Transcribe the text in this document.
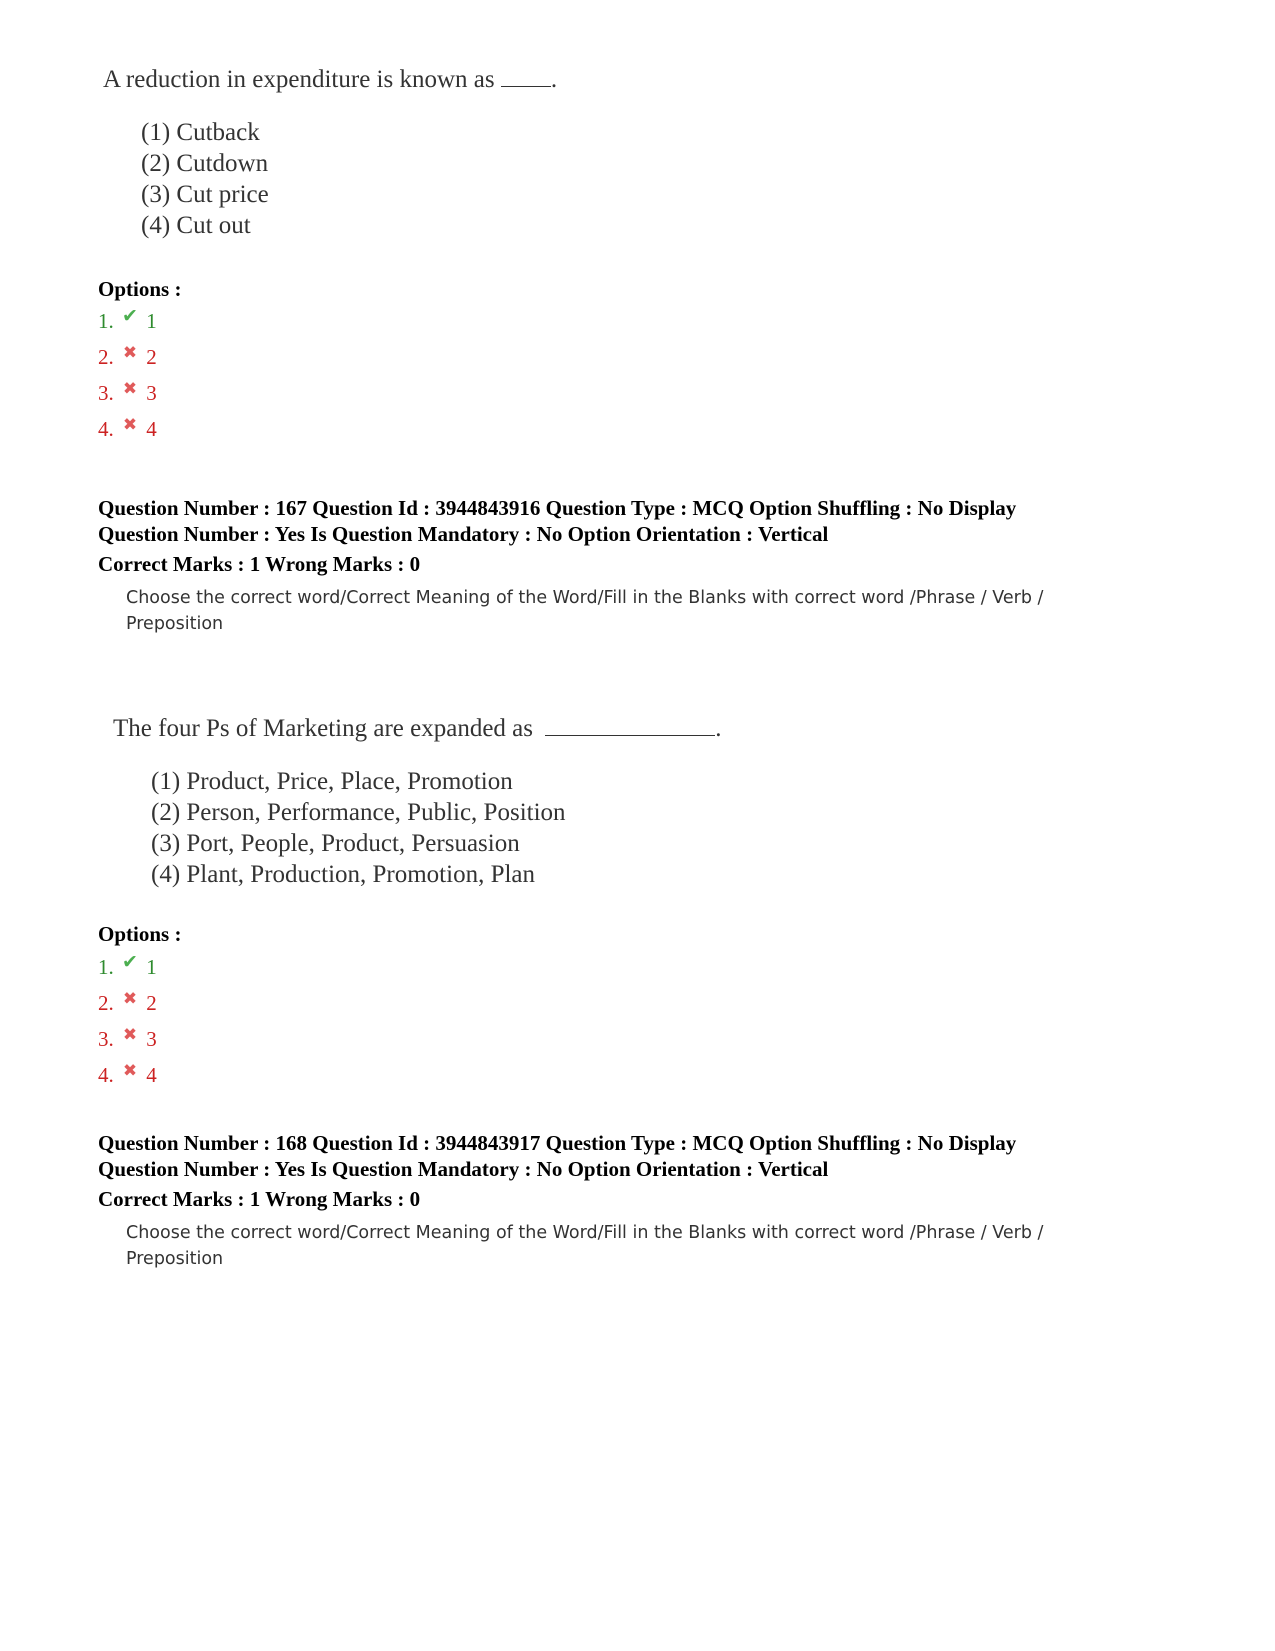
A reduction in expenditure is known as .
(1) Cutback
(2) Cutdown
(3) Cut price
(4) Cut out
Options :
1. ✔ 1
2. ✖ 2
3. ✖ 3
4. ✖ 4
Question Number : 167 Question Id : 3944843916 Question Type : MCQ Option Shuffling : No Display
Question Number : Yes Is Question Mandatory : No Option Orientation : Vertical
Correct Marks : 1 Wrong Marks : 0
Choose the correct word/Correct Meaning of the Word/Fill in the Blanks with correct word /Phrase / Verb / Preposition
The four Ps of Marketing are expanded as	.
(1) Product, Price, Place, Promotion
(2) Person, Performance, Public, Position
(3) Port, People, Product, Persuasion
(4) Plant, Production, Promotion, Plan
Options :
1. ✔ 1
2. ✖ 2
3. ✖ 3
4. ✖ 4
Question Number : 168 Question Id : 3944843917 Question Type : MCQ Option Shuffling : No Display
Question Number : Yes Is Question Mandatory : No Option Orientation : Vertical
Correct Marks : 1 Wrong Marks : 0
Choose the correct word/Correct Meaning of the Word/Fill in the Blanks with correct word /Phrase / Verb / Preposition
